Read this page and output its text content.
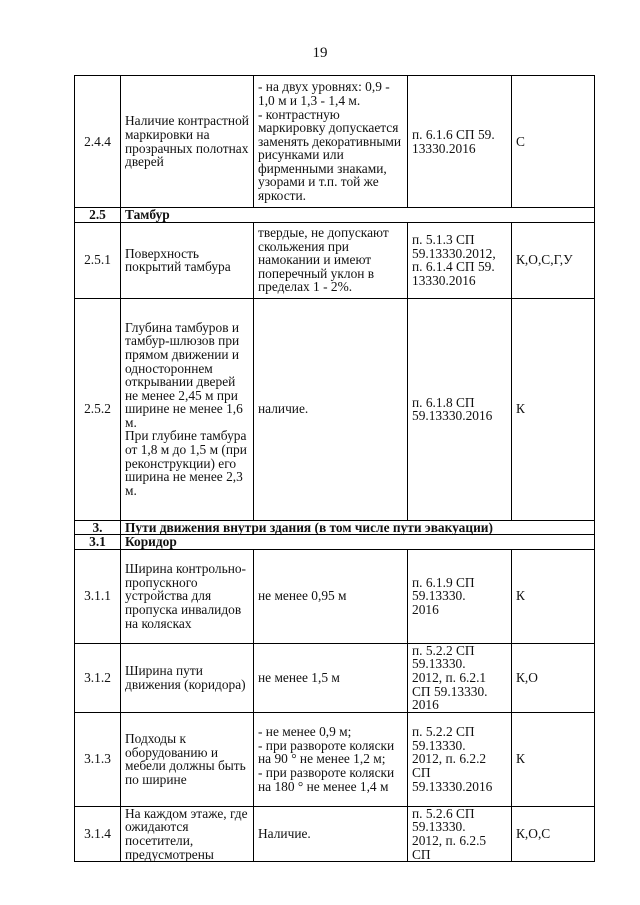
19
2.4.4	Наличие контрастной маркировки на прозрачных полотнах дверей	- на двух уровнях: 0,9 - 1,0 м и 1,3 - 1,4 м.
- контрастную маркировку допускается заменять декоративными рисунками или фирменными знаками, узорами и т.п. той же яркости.	п. 6.1.6 СП 59.
13330.2016	С
2.5	Тамбур			
2.5.1	Поверхность покрытий тамбура	твердые, не допускают скольжения при намокании и имеют поперечный уклон в пределах 1 - 2%.	п. 5.1.3 СП 59.13330.2012,
п. 6.1.4 СП 59.
13330.2016	К,О,С,Г,У
2.5.2	Глубина тамбуров и тамбур-шлюзов при прямом движении и одностороннем открывании дверей не менее 2,45 м при ширине не менее 1,6 м.
При глубине тамбура от 1,8 м до 1,5 м (при реконструкции) его ширина не менее 2,3 м.	наличие.	п. 6.1.8 СП 59.13330.2016	К
3.	Пути движения внутри здания (в том числе пути эвакуации)			
3.1	Коридор			
3.1.1	Ширина контрольно-пропускного устройства для пропуска инвалидов на колясках	не менее 0,95 м	п. 6.1.9 СП 59.13330.
2016	К
3.1.2	Ширина пути движения (коридора)	не менее 1,5 м	п. 5.2.2 СП 59.13330.
2012, п. 6.2.1 СП 59.13330.
2016	К,О
3.1.3	Подходы к оборудованию и мебели должны быть по ширине	- не менее 0,9 м;
- при развороте коляски на 90 ° не менее 1,2 м;
- при развороте коляски на 180 ° не менее 1,4 м	п. 5.2.2 СП 59.13330.
2012, п. 6.2.2 СП 59.13330.2016	К
3.1.4	На каждом этаже, где ожидаются посетители, предусмотрены	Наличие.	п. 5.2.6 СП 59.13330.
2012, п. 6.2.5 СП	К,О,С
